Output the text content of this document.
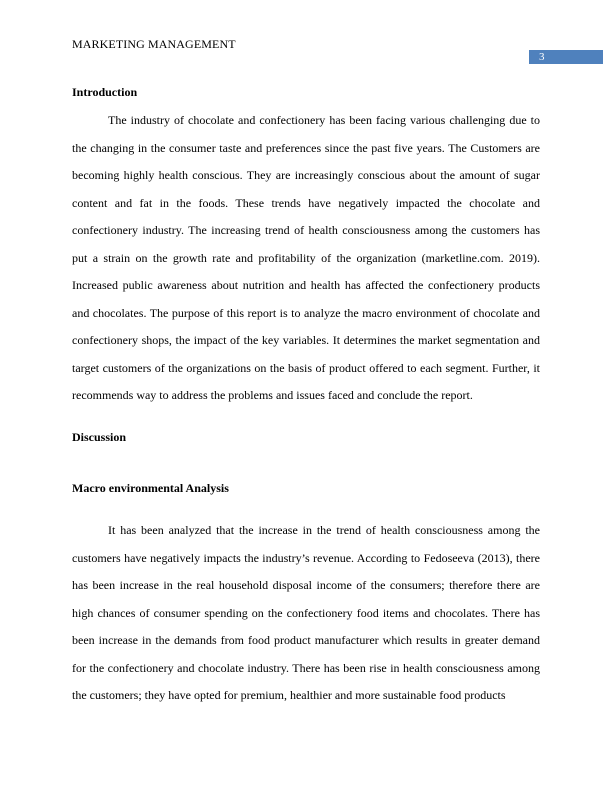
MARKETING MANAGEMENT
3
Introduction

The industry of chocolate and confectionery has been facing various challenging due to the changing in the consumer taste and preferences since the past five years. The Customers are becoming highly health conscious. They are increasingly conscious about the amount of sugar content and fat in the foods. These trends have negatively impacted the chocolate and confectionery industry. The increasing trend of health consciousness among the customers has put a strain on the growth rate and profitability of the organization (marketline.com. 2019). Increased public awareness about nutrition and health has affected the confectionery products and chocolates. The purpose of this report is to analyze the macro environment of chocolate and confectionery shops, the impact of the key variables. It determines the market segmentation and target customers of the organizations on the basis of product offered to each segment. Further, it recommends way to address the problems and issues faced and conclude the report.

Discussion
Macro environmental Analysis

It has been analyzed that the increase in the trend of health consciousness among the customers have negatively impacts the industry’s revenue. According to Fedoseeva (2013), there has been increase in the real household disposal income of the consumers; therefore there are high chances of consumer spending on the confectionery food items and chocolates. There has been increase in the demands from food product manufacturer which results in greater demand for the confectionery and chocolate industry. There has been rise in health consciousness among the customers; they have opted for premium, healthier and more sustainable food products
